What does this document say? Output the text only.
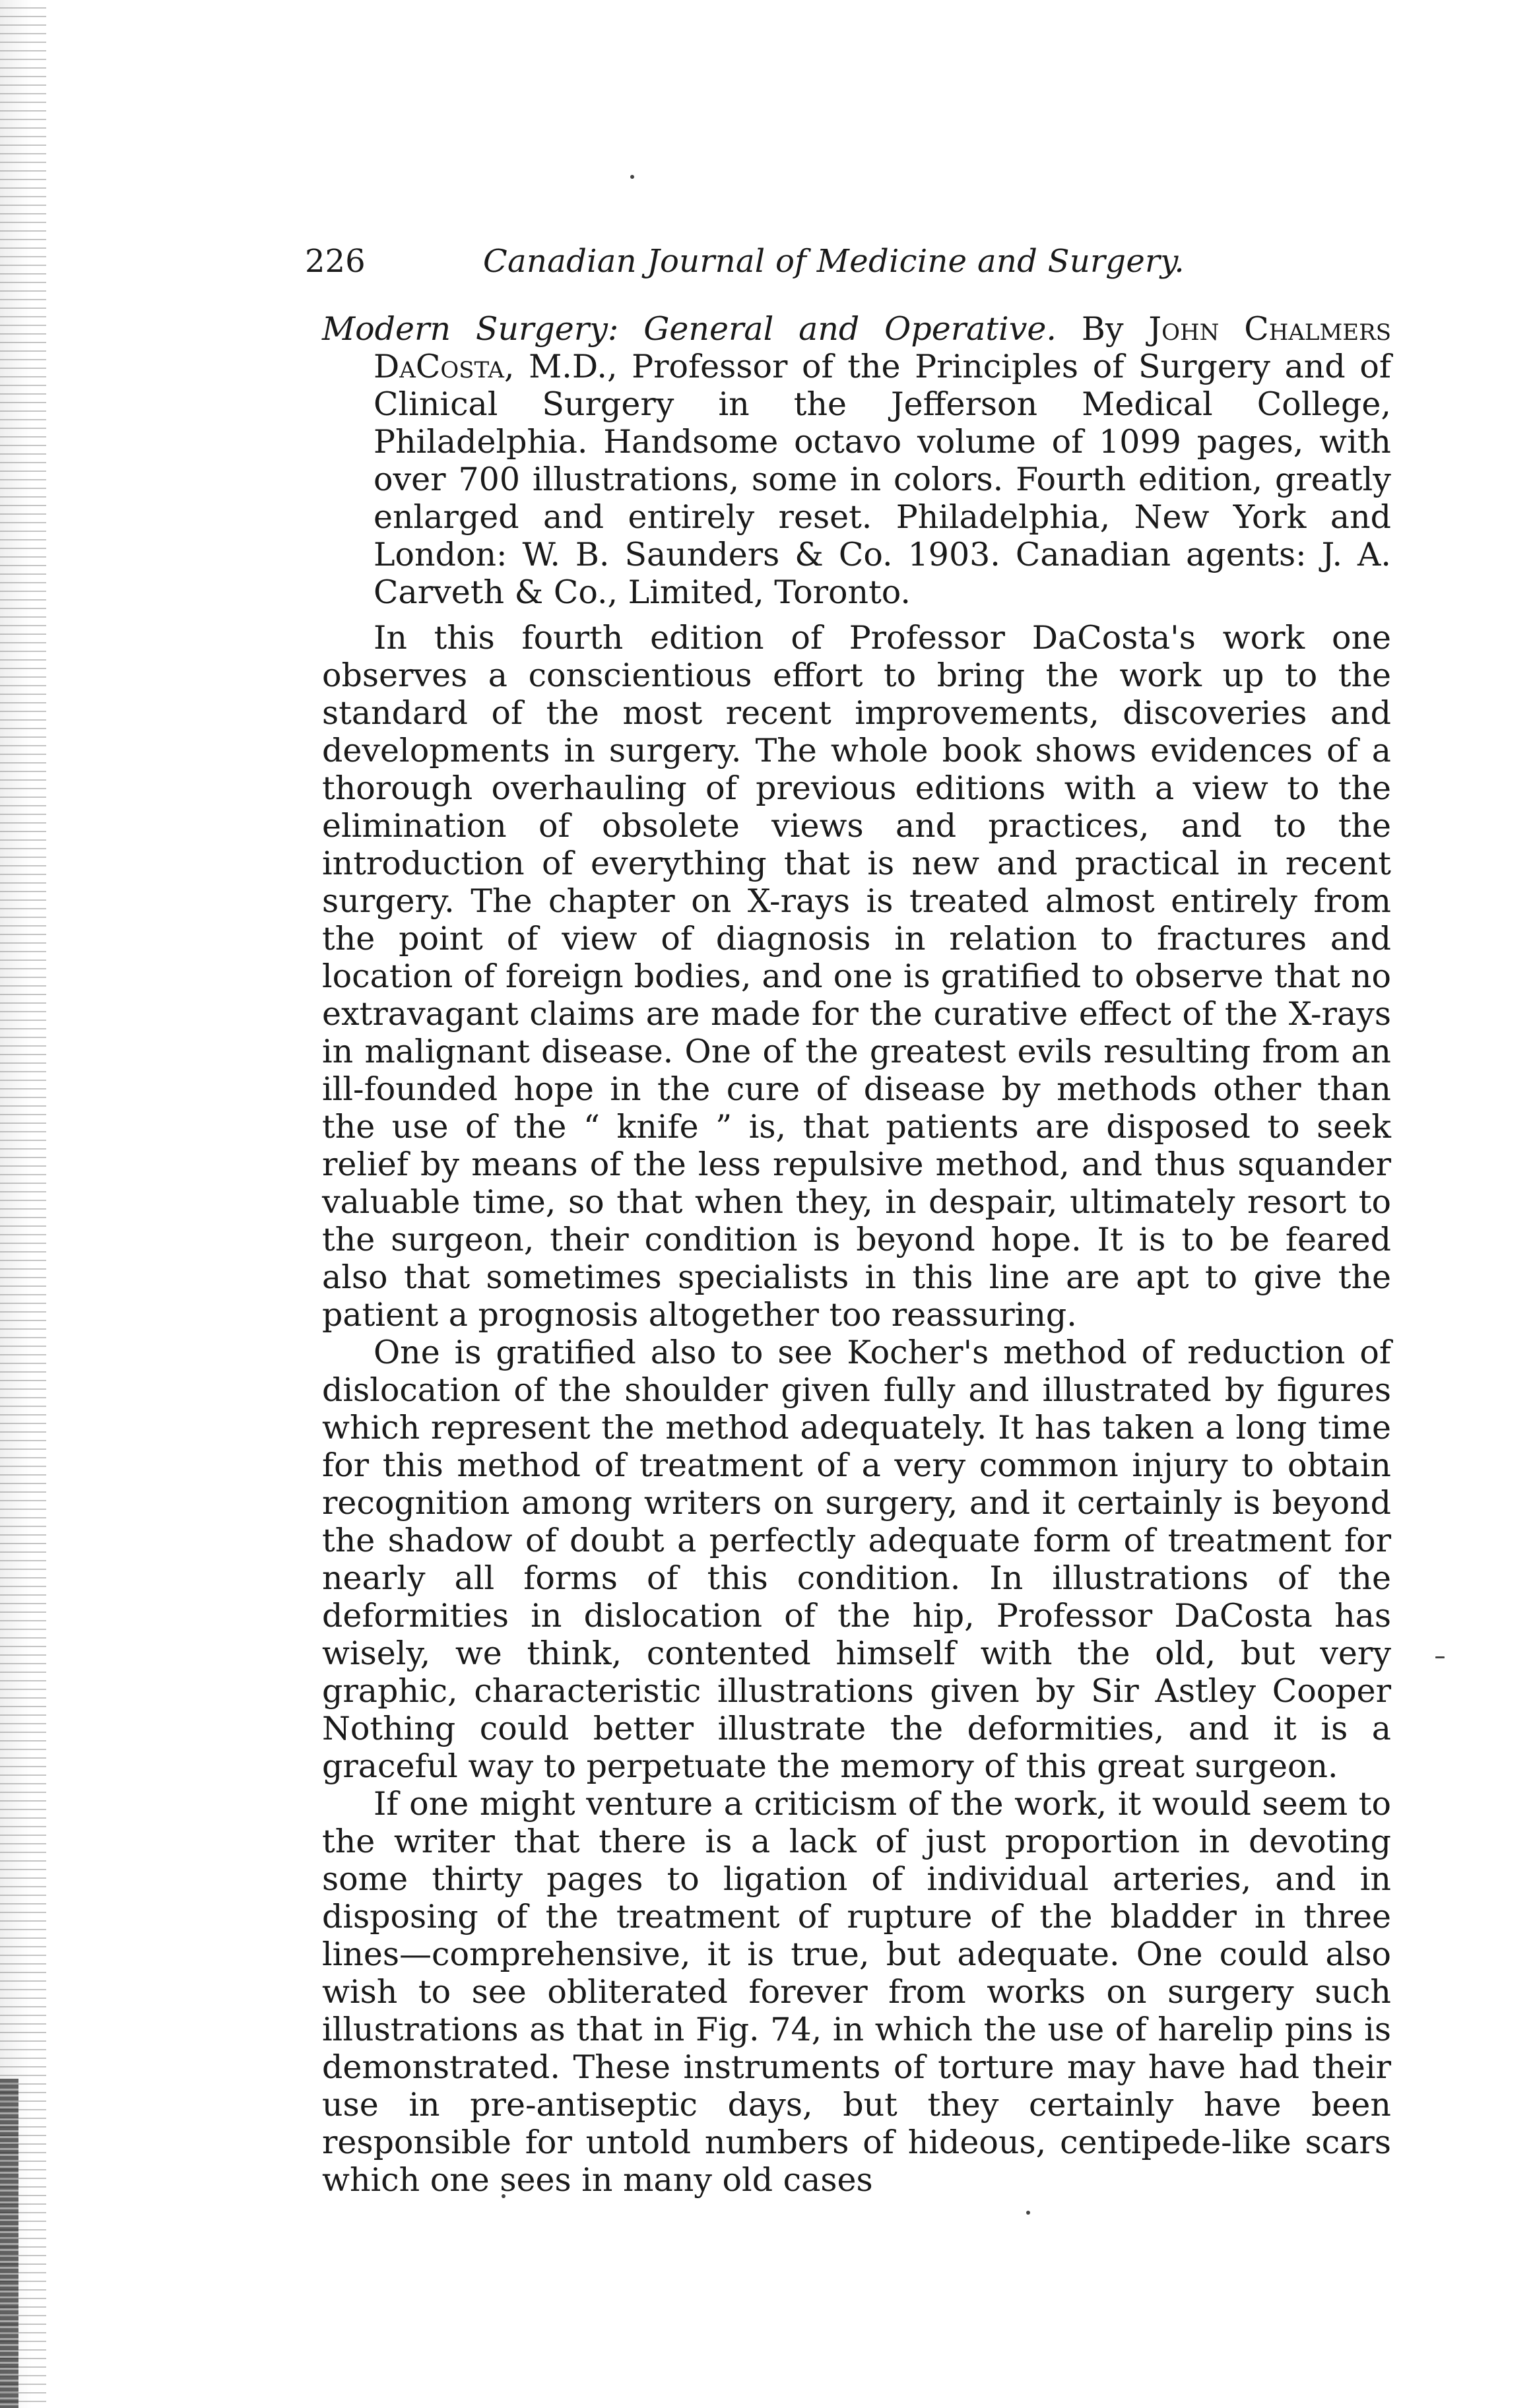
226	Canadian Journal of Medicine and Surgery.

Modern Surgery: General and Operative. By John Chalmers DaCosta, M.D., Professor of the Principles of Surgery and of Clinical Surgery in the Jefferson Medical College, Philadelphia. Handsome octavo volume of 1099 pages, with over 700 illustrations, some in colors. Fourth edition, greatly enlarged and entirely reset. Philadelphia, New York and London: W. B. Saunders & Co. 1903. Canadian agents: J. A. Carveth & Co., Limited, Toronto.

In this fourth edition of Professor DaCosta's work one observes a conscientious effort to bring the work up to the standard of the most recent improvements, discoveries and developments in surgery. The whole book shows evidences of a thorough overhauling of previous editions with a view to the elimination of obsolete views and practices, and to the introduction of everything that is new and practical in recent surgery. The chapter on X-rays is treated almost entirely from the point of view of diagnosis in relation to fractures and location of foreign bodies, and one is gratified to observe that no extravagant claims are made for the curative effect of the X-rays in malignant disease. One of the greatest evils resulting from an ill-founded hope in the cure of disease by methods other than the use of the “ knife ” is, that patients are disposed to seek relief by means of the less repulsive method, and thus squander valuable time, so that when they, in despair, ultimately resort to the surgeon, their condition is beyond hope. It is to be feared also that sometimes specialists in this line are apt to give the patient a prognosis altogether too reassuring.

One is gratified also to see Kocher's method of reduction of dislocation of the shoulder given fully and illustrated by figures which represent the method adequately. It has taken a long time for this method of treatment of a very common injury to obtain recognition among writers on surgery, and it certainly is beyond the shadow of doubt a perfectly adequate form of treatment for nearly all forms of this condition. In illustrations of the deformities in dislocation of the hip, Professor DaCosta has wisely, we think, contented himself with the old, but very graphic, characteristic illustrations given by Sir Astley Cooper Nothing could better illustrate the deformities, and it is a graceful way to perpetuate the memory of this great surgeon.

If one might venture a criticism of the work, it would seem to the writer that there is a lack of just proportion in devoting some thirty pages to ligation of individual arteries, and in disposing of the treatment of rupture of the bladder in three lines—comprehensive, it is true, but adequate. One could also wish to see obliterated forever from works on surgery such illustrations as that in Fig. 74, in which the use of harelip pins is demonstrated. These instruments of torture may have had their use in pre-antiseptic days, but they certainly have been responsible for untold numbers of hideous, centipede-like scars which one sees in many old cases
